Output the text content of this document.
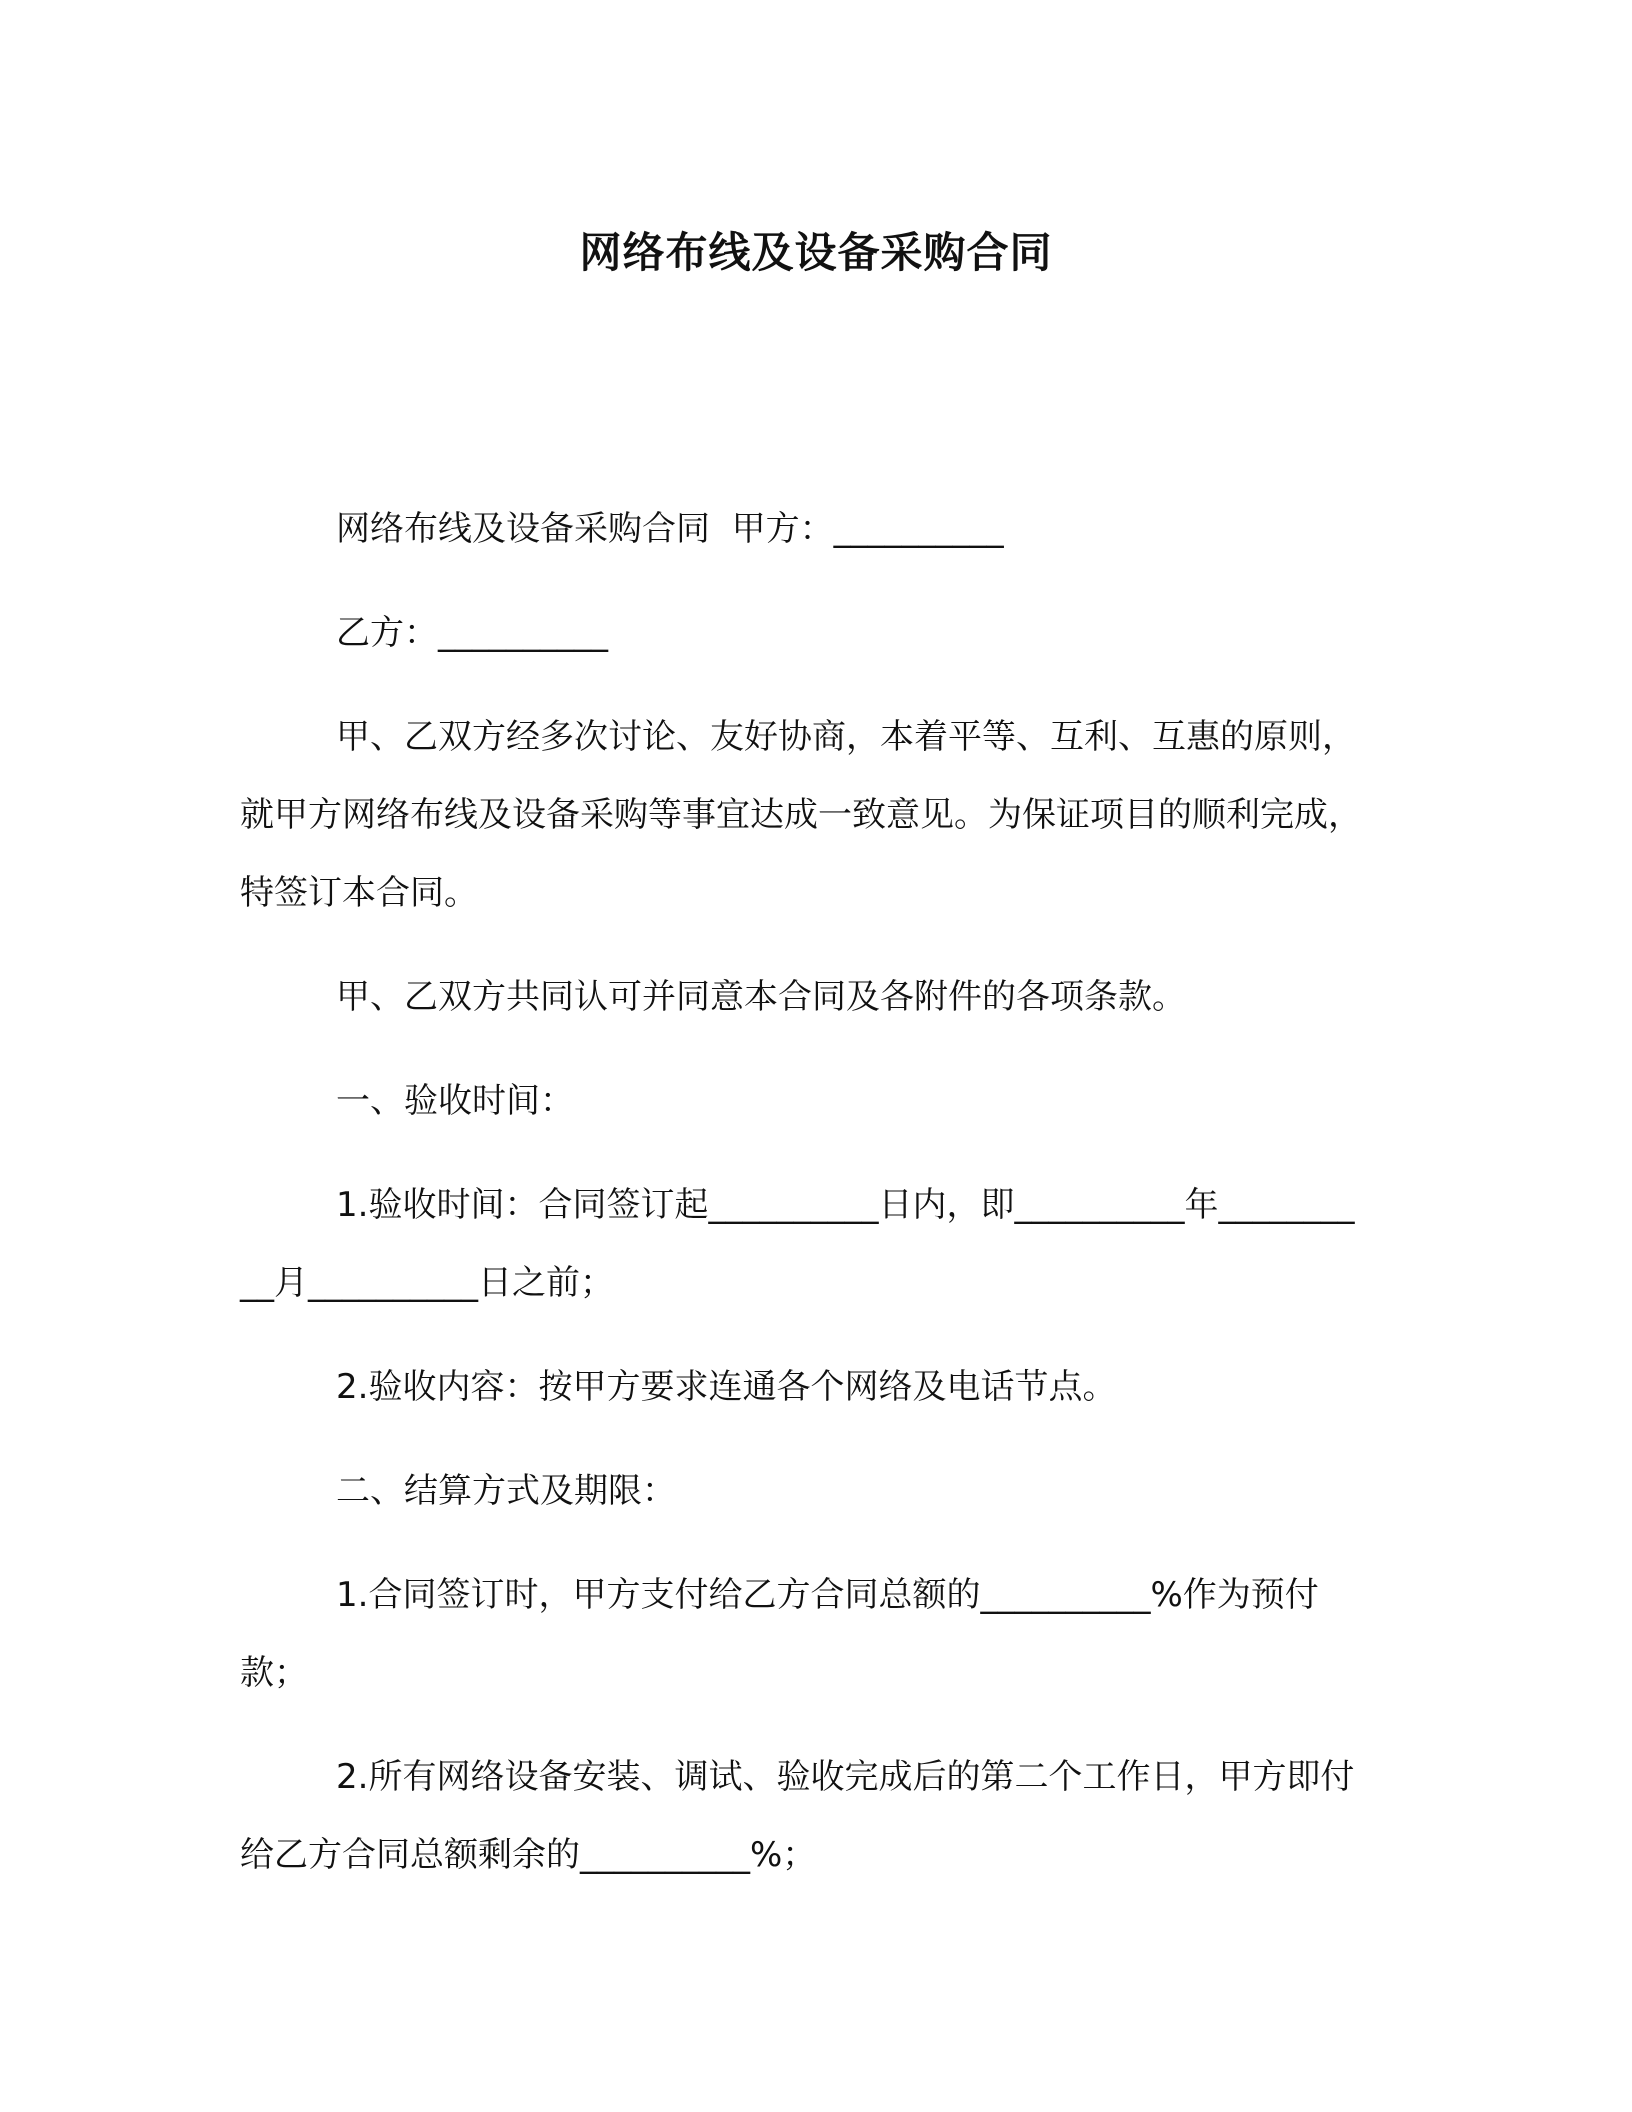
网络布线及设备采购合同

网络布线及设备采购合同  甲方：__________

乙方：__________

甲、乙双方经多次讨论、友好协商，本着平等、互利、互惠的原则，就甲方网络布线及设备采购等事宜达成一致意见。为保证项目的顺利完成，特签订本合同。

甲、乙双方共同认可并同意本合同及各附件的各项条款。

一、验收时间：

1.验收时间：合同签订起__________日内，即__________年__________月__________日之前；

2.验收内容：按甲方要求连通各个网络及电话节点。

二、结算方式及期限：

1.合同签订时，甲方支付给乙方合同总额的__________%作为预付款；

2.所有网络设备安装、调试、验收完成后的第二个工作日，甲方即付给乙方合同总额剩余的__________%；
